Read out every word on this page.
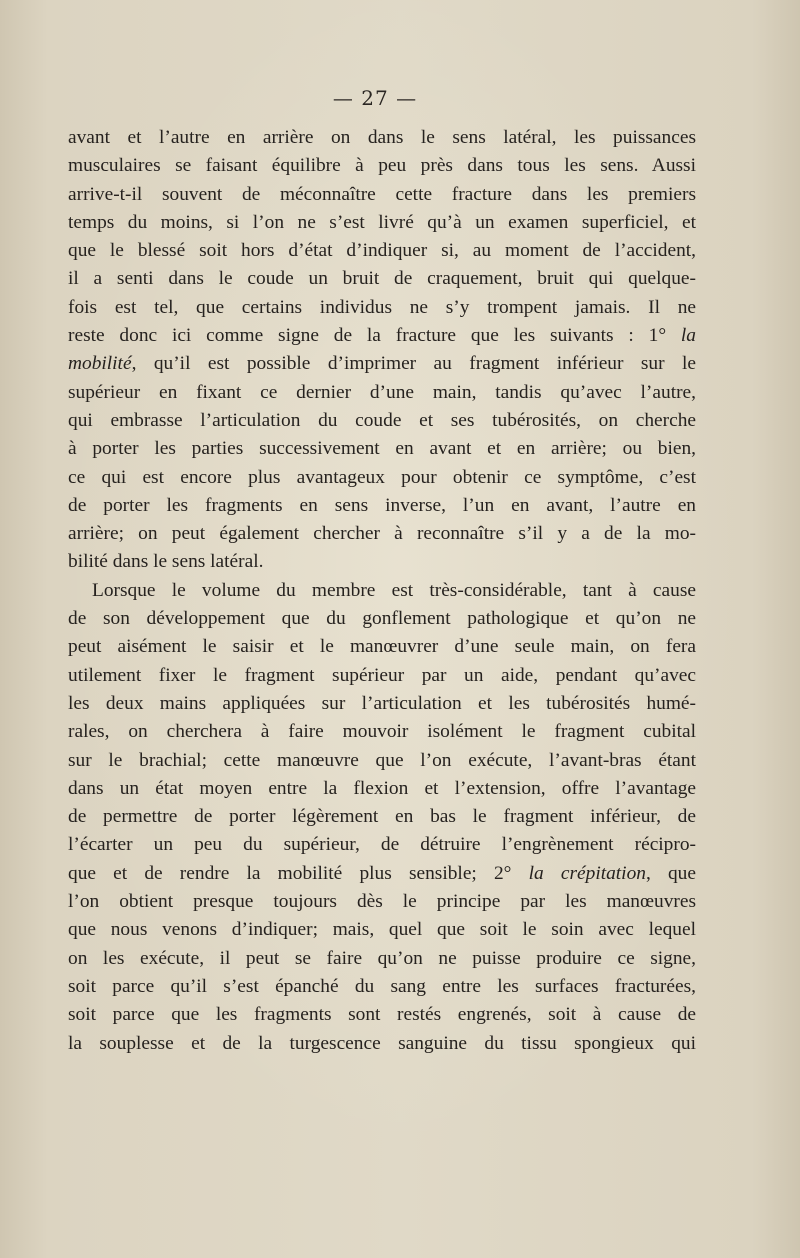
— 27 —
avant et l’autre en arrière on dans le sens latéral, les puissances
musculaires se faisant équilibre à peu près dans tous les sens. Aussi
arrive-t-il souvent de méconnaître cette fracture dans les premiers
temps du moins, si l’on ne s’est livré qu’à un examen superficiel, et
que le blessé soit hors d’état d’indiquer si, au moment de l’accident,
il a senti dans le coude un bruit de craquement, bruit qui quelque-
fois est tel, que certains individus ne s’y trompent jamais. Il ne
reste donc ici comme signe de la fracture que les suivants : 1° la
mobilité, qu’il est possible d’imprimer au fragment inférieur sur le
supérieur en fixant ce dernier d’une main, tandis qu’avec l’autre,
qui embrasse l’articulation du coude et ses tubérosités, on cherche
à porter les parties successivement en avant et en arrière; ou bien,
ce qui est encore plus avantageux pour obtenir ce symptôme, c’est
de porter les fragments en sens inverse, l’un en avant, l’autre en
arrière; on peut également chercher à reconnaître s’il y a de la mo-
bilité dans le sens latéral.
Lorsque le volume du membre est très-considérable, tant à cause
de son développement que du gonflement pathologique et qu’on ne
peut aisément le saisir et le manœuvrer d’une seule main, on fera
utilement fixer le fragment supérieur par un aide, pendant qu’avec
les deux mains appliquées sur l’articulation et les tubérosités humé-
rales, on cherchera à faire mouvoir isolément le fragment cubital
sur le brachial; cette manœuvre que l’on exécute, l’avant-bras étant
dans un état moyen entre la flexion et l’extension, offre l’avantage
de permettre de porter légèrement en bas le fragment inférieur, de
l’écarter un peu du supérieur, de détruire l’engrènement récipro-
que et de rendre la mobilité plus sensible; 2° la crépitation, que
l’on obtient presque toujours dès le principe par les manœuvres
que nous venons d’indiquer; mais, quel que soit le soin avec lequel
on les exécute, il peut se faire qu’on ne puisse produire ce signe,
soit parce qu’il s’est épanché du sang entre les surfaces fracturées,
soit parce que les fragments sont restés engrenés, soit à cause de
la souplesse et de la turgescence sanguine du tissu spongieux qui
